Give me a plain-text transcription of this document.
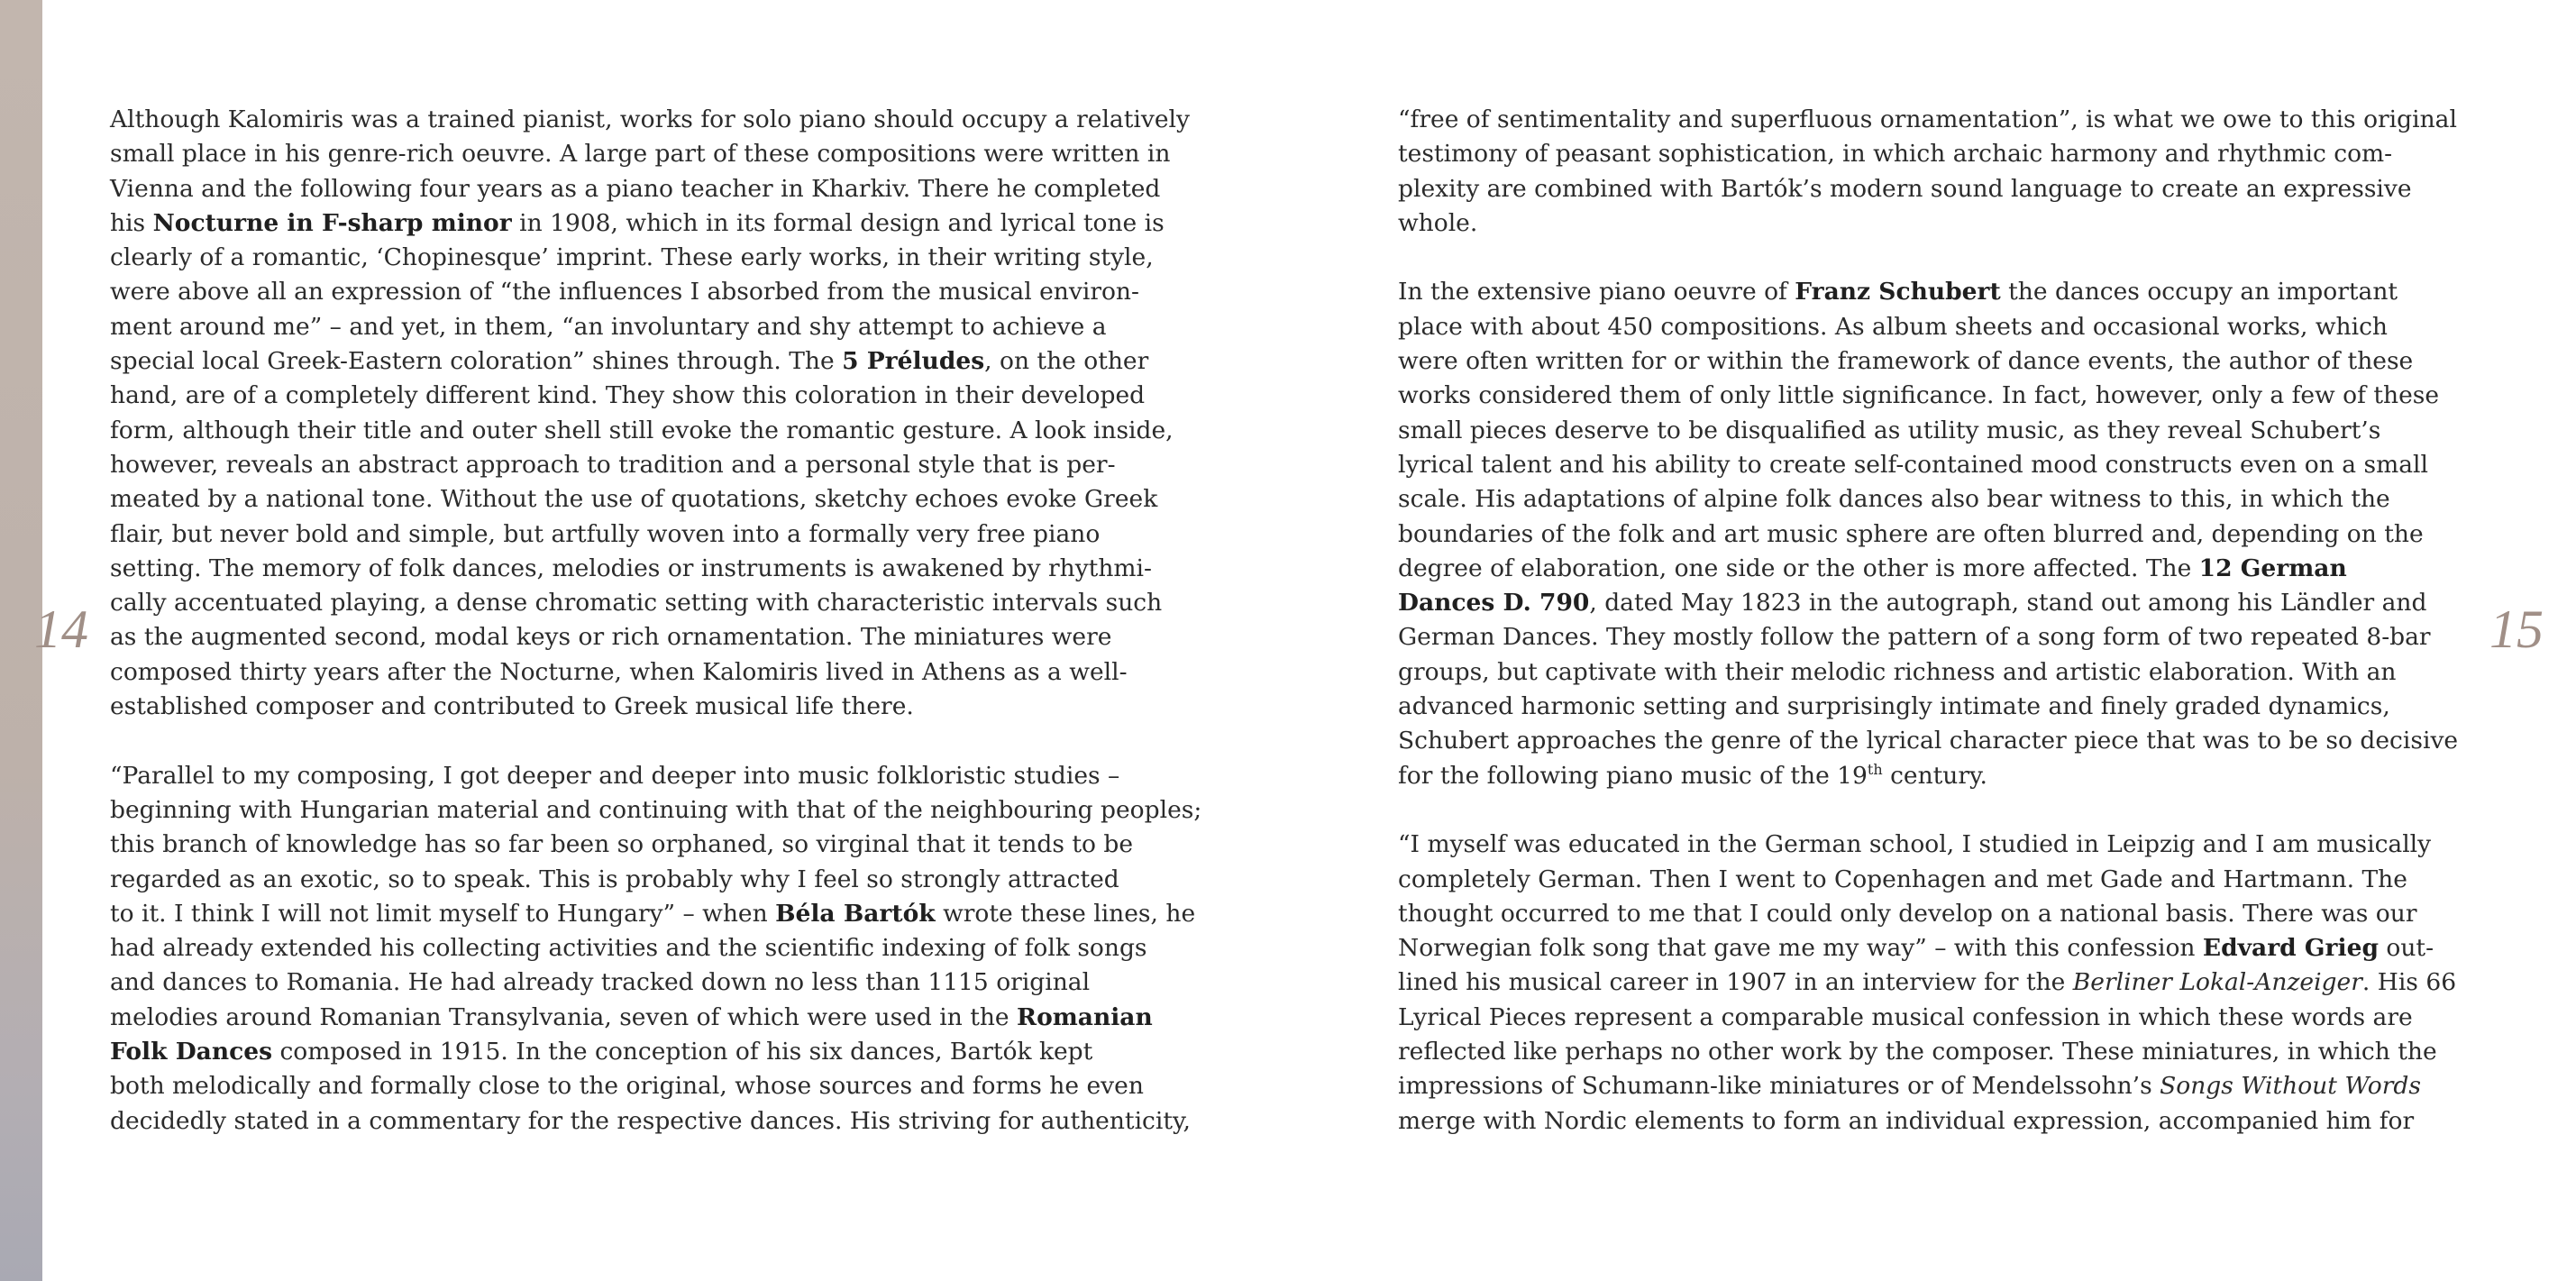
14	15

Although Kalomiris was a trained pianist, works for solo piano should occupy a relatively
small place in his genre-rich oeuvre. A large part of these compositions were written in
Vienna and the following four years as a piano teacher in Kharkiv. There he completed
his Nocturne in F-sharp minor in 1908, which in its formal design and lyrical tone is
clearly of a romantic, ‘Chopinesque’ imprint. These early works, in their writing style,
were above all an expression of “the influences I absorbed from the musical environ-
ment around me” – and yet, in them, “an involuntary and shy attempt to achieve a
special local Greek-Eastern coloration” shines through. The 5 Préludes, on the other
hand, are of a completely different kind. They show this coloration in their developed
form, although their title and outer shell still evoke the romantic gesture. A look inside,
however, reveals an abstract approach to tradition and a personal style that is per-
meated by a national tone. Without the use of quotations, sketchy echoes evoke Greek
flair, but never bold and simple, but artfully woven into a formally very free piano
setting. The memory of folk dances, melodies or instruments is awakened by rhythmi-
cally accentuated playing, a dense chromatic setting with characteristic intervals such
as the augmented second, modal keys or rich ornamentation. The miniatures were
composed thirty years after the Nocturne, when Kalomiris lived in Athens as a well-
established composer and contributed to Greek musical life there.

“Parallel to my composing, I got deeper and deeper into music folkloristic studies –
beginning with Hungarian material and continuing with that of the neighbouring peoples;
this branch of knowledge has so far been so orphaned, so virginal that it tends to be
regarded as an exotic, so to speak. This is probably why I feel so strongly attracted
to it. I think I will not limit myself to Hungary” – when Béla Bartók wrote these lines, he
had already extended his collecting activities and the scientific indexing of folk songs
and dances to Romania. He had already tracked down no less than 1115 original
melodies around Romanian Transylvania, seven of which were used in the Romanian
Folk Dances composed in 1915. In the conception of his six dances, Bartók kept
both melodically and formally close to the original, whose sources and forms he even
decidedly stated in a commentary for the respective dances. His striving for authenticity,

“free of sentimentality and superfluous ornamentation”, is what we owe to this original
testimony of peasant sophistication, in which archaic harmony and rhythmic com-
plexity are combined with Bartók’s modern sound language to create an expressive
whole.

In the extensive piano oeuvre of Franz Schubert the dances occupy an important
place with about 450 compositions. As album sheets and occasional works, which
were often written for or within the framework of dance events, the author of these
works considered them of only little significance. In fact, however, only a few of these
small pieces deserve to be disqualified as utility music, as they reveal Schubert’s
lyrical talent and his ability to create self-contained mood constructs even on a small
scale. His adaptations of alpine folk dances also bear witness to this, in which the
boundaries of the folk and art music sphere are often blurred and, depending on the
degree of elaboration, one side or the other is more affected. The 12 German
Dances D. 790, dated May 1823 in the autograph, stand out among his Ländler and
German Dances. They mostly follow the pattern of a song form of two repeated 8-bar
groups, but captivate with their melodic richness and artistic elaboration. With an
advanced harmonic setting and surprisingly intimate and finely graded dynamics,
Schubert approaches the genre of the lyrical character piece that was to be so decisive
for the following piano music of the 19th century.

“I myself was educated in the German school, I studied in Leipzig and I am musically
completely German. Then I went to Copenhagen and met Gade and Hartmann. The
thought occurred to me that I could only develop on a national basis. There was our
Norwegian folk song that gave me my way” – with this confession Edvard Grieg out-
lined his musical career in 1907 in an interview for the Berliner Lokal-Anzeiger. His 66
Lyrical Pieces represent a comparable musical confession in which these words are
reflected like perhaps no other work by the composer. These miniatures, in which the
impressions of Schumann-like miniatures or of Mendelssohn’s Songs Without Words
merge with Nordic elements to form an individual expression, accompanied him for
